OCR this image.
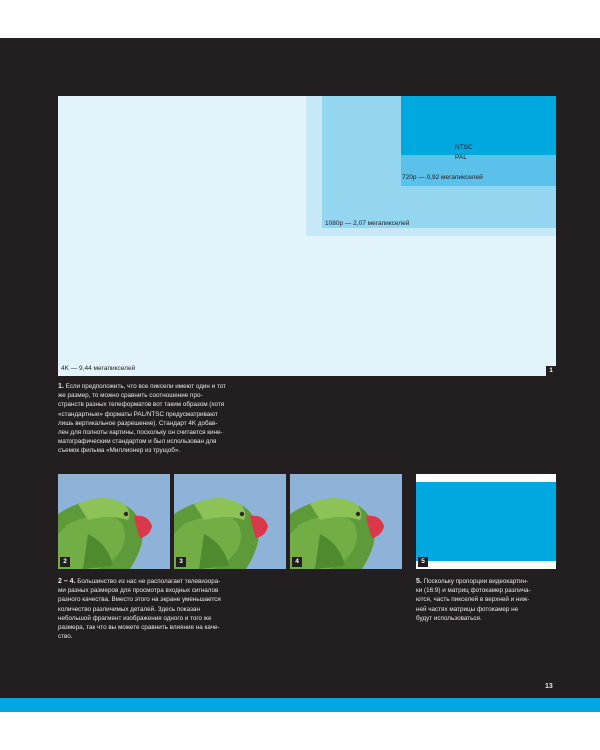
NTSC
PAL
720p — 0,92 мегапикселей
1080p — 2,07 мегапикселей
4K — 9,44 мегапикселей	1
1. Если предположить, что все пиксели имеют один и тот
же размер, то можно сравнить соотношение про-
странств разных телеформатов вот таким образом (хотя
«стандартные» форматы PAL/NTSC предусматривают
лишь вертикальное разрешение). Стандарт 4K добав-
лен для полноты картины, поскольку он считается кине-
матографическим стандартом и был использован для
съемок фильма «Миллионер из трущоб».
2	3	4	5
2 – 4. Большинство из нас не располагает телевизора-
ми разных размеров для просмотра входных сигналов
разного качества. Вместо этого на экране уменьшается
количество различимых деталей. Здесь показан
небольшой фрагмент изображения одного и того же
размера, так что вы можете сравнить влияние на каче-
ство.
5. Поскольку пропорции видеокартин-
ки (16:9) и матриц фотокамер различа-
ются, часть пикселей в верхней и ниж-
ней частях матрицы фотокамер не
будут использоваться.
13
